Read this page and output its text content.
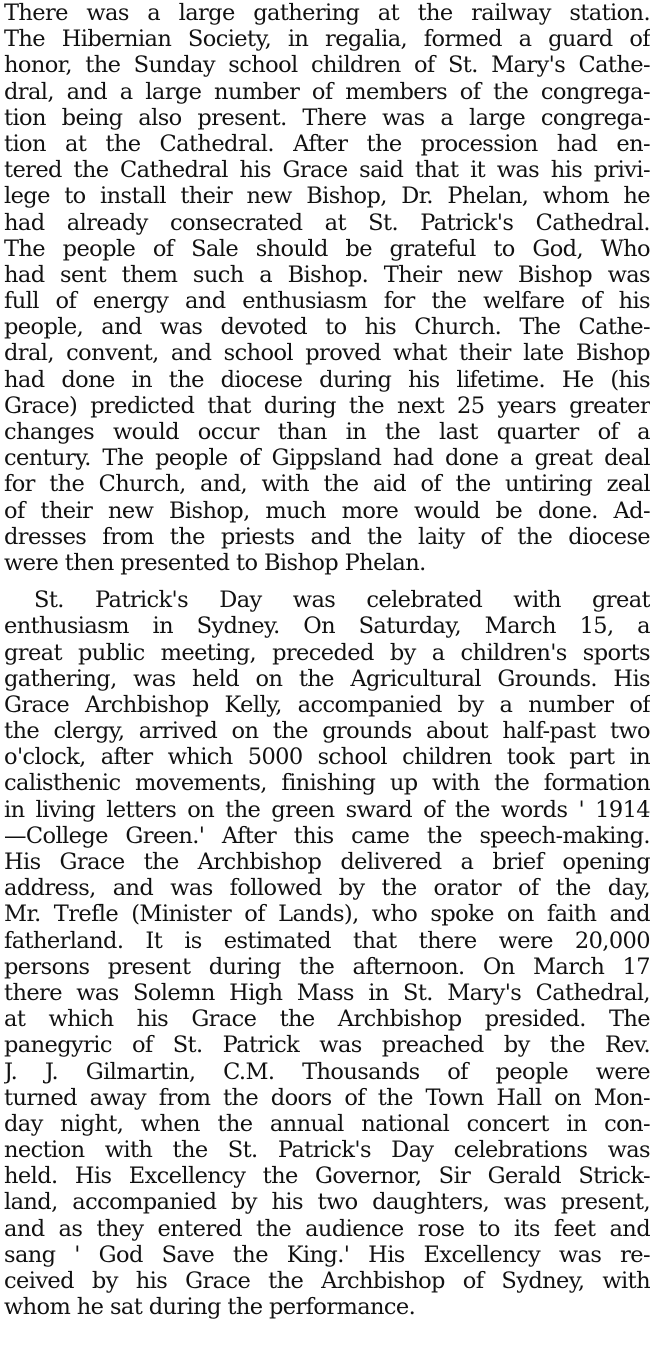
There was a large gathering at the railway station.
The Hibernian Society, in regalia, formed a guard of
honor, the Sunday school children of St. Mary's Cathe-
dral, and a large number of members of the congrega-
tion being also present. There was a large congrega-
tion at the Cathedral. After the procession had en-
tered the Cathedral his Grace said that it was his privi-
lege to install their new Bishop, Dr. Phelan, whom he
had already consecrated at St. Patrick's Cathedral.
The people of Sale should be grateful to God, Who
had sent them such a Bishop. Their new Bishop was
full of energy and enthusiasm for the welfare of his
people, and was devoted to his Church. The Cathe-
dral, convent, and school proved what their late Bishop
had done in the diocese during his lifetime. He (his
Grace) predicted that during the next 25 years greater
changes would occur than in the last quarter of a
century. The people of Gippsland had done a great deal
for the Church, and, with the aid of the untiring zeal
of their new Bishop, much more would be done. Ad-
dresses from the priests and the laity of the diocese
were then presented to Bishop Phelan.
St. Patrick's Day was celebrated with great
enthusiasm in Sydney. On Saturday, March 15, a
great public meeting, preceded by a children's sports
gathering, was held on the Agricultural Grounds. His
Grace Archbishop Kelly, accompanied by a number of
the clergy, arrived on the grounds about half-past two
o'clock, after which 5000 school children took part in
calisthenic movements, finishing up with the formation
in living letters on the green sward of the words ' 1914
—College Green.' After this came the speech-making.
His Grace the Archbishop delivered a brief opening
address, and was followed by the orator of the day,
Mr. Trefle (Minister of Lands), who spoke on faith and
fatherland. It is estimated that there were 20,000
persons present during the afternoon. On March 17
there was Solemn High Mass in St. Mary's Cathedral,
at which his Grace the Archbishop presided. The
panegyric of St. Patrick was preached by the Rev.
J. J. Gilmartin, C.M. Thousands of people were
turned away from the doors of the Town Hall on Mon-
day night, when the annual national concert in con-
nection with the St. Patrick's Day celebrations was
held. His Excellency the Governor, Sir Gerald Strick-
land, accompanied by his two daughters, was present,
and as they entered the audience rose to its feet and
sang ' God Save the King.' His Excellency was re-
ceived by his Grace the Archbishop of Sydney, with
whom he sat during the performance.
